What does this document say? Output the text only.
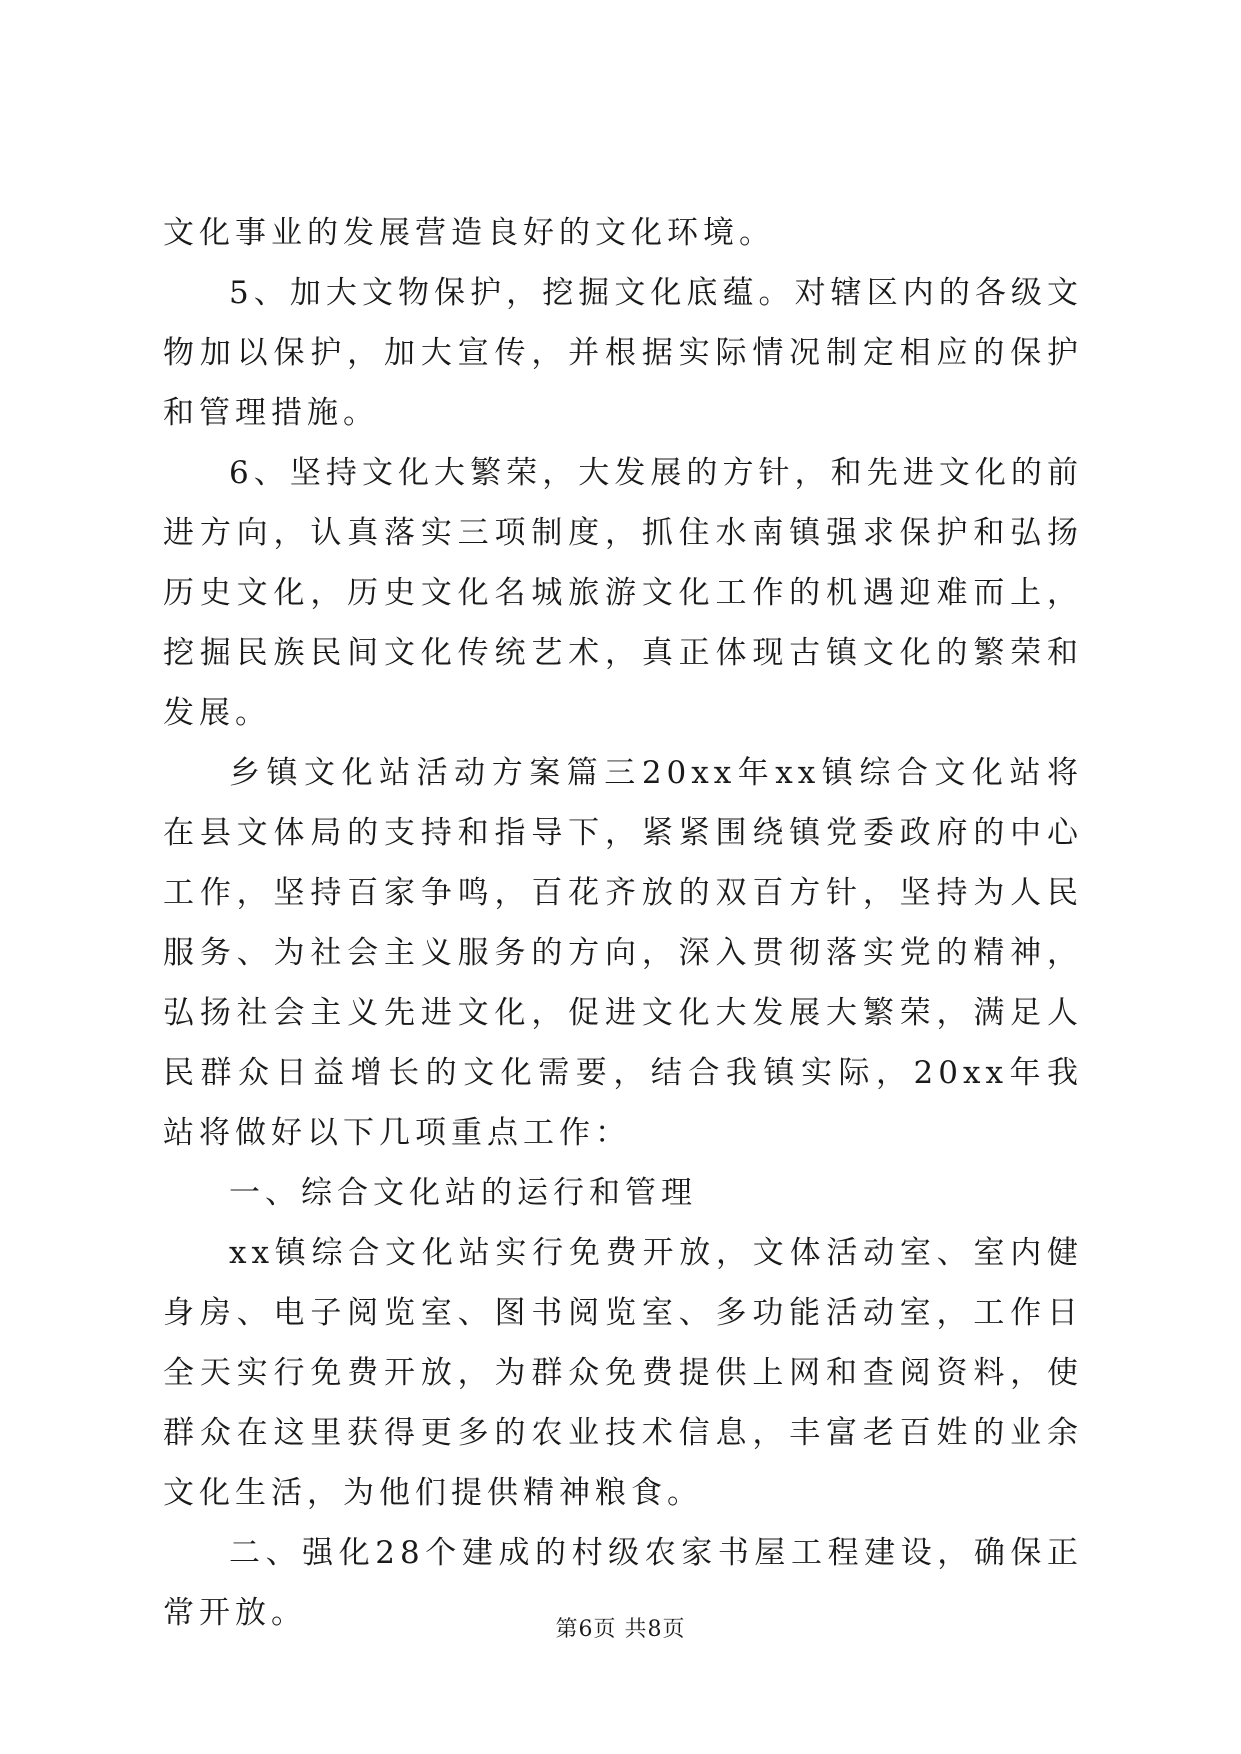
文化事业的发展营造良好的文化环境。

5、加大文物保护，挖掘文化底蕴。对辖区内的各级文物加以保护，加大宣传，并根据实际情况制定相应的保护和管理措施。

6、坚持文化大繁荣，大发展的方针，和先进文化的前进方向，认真落实三项制度，抓住水南镇强求保护和弘扬历史文化，历史文化名城旅游文化工作的机遇迎难而上，挖掘民族民间文化传统艺术，真正体现古镇文化的繁荣和发展。

乡镇文化站活动方案篇三20xx年xx镇综合文化站将在县文体局的支持和指导下，紧紧围绕镇党委政府的中心工作，坚持百家争鸣，百花齐放的双百方针，坚持为人民服务、为社会主义服务的方向，深入贯彻落实党的精神，弘扬社会主义先进文化，促进文化大发展大繁荣，满足人民群众日益增长的文化需要，结合我镇实际，20xx年我站将做好以下几项重点工作：

一、综合文化站的运行和管理

xx镇综合文化站实行免费开放，文体活动室、室内健身房、电子阅览室、图书阅览室、多功能活动室，工作日全天实行免费开放，为群众免费提供上网和查阅资料，使群众在这里获得更多的农业技术信息，丰富老百姓的业余文化生活，为他们提供精神粮食。

二、强化28个建成的村级农家书屋工程建设，确保正常开放。	第6页 共8页
